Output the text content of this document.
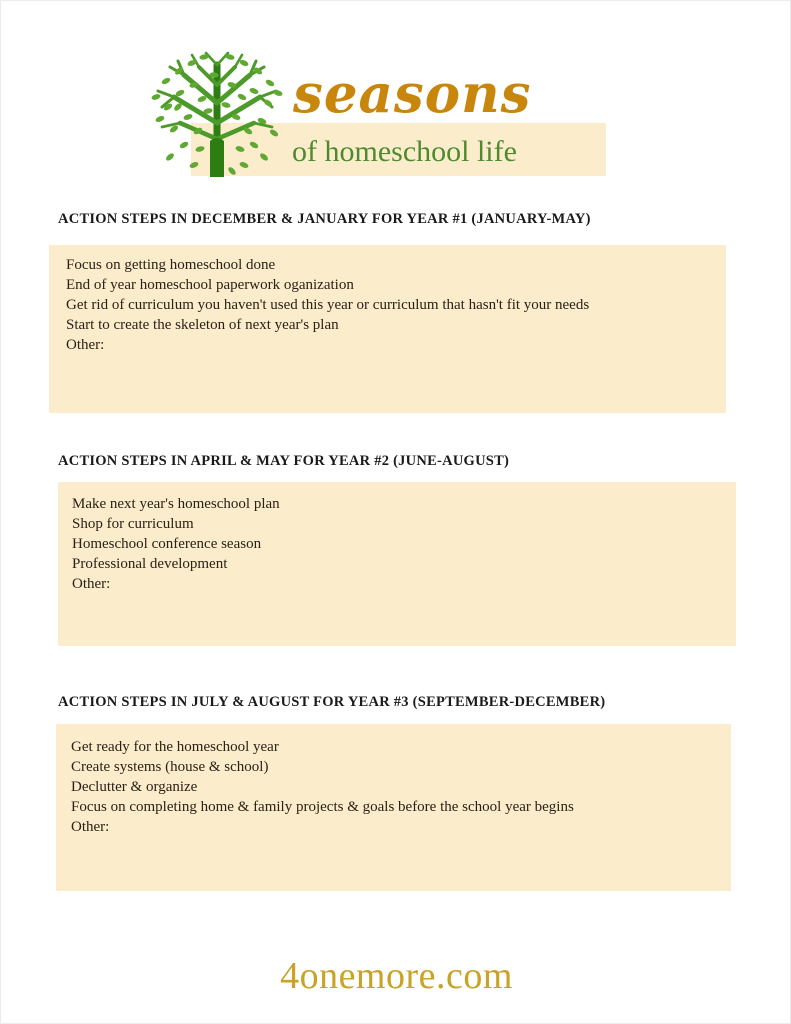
seasons
of homeschool life
ACTION STEPS IN DECEMBER & JANUARY FOR YEAR #1 (JANUARY-MAY)
Focus on getting homeschool done
End of year homeschool paperwork oganization
Get rid of curriculum you haven't used this year or curriculum that hasn't fit your needs
Start to create the skeleton of next year's plan
Other:
ACTION STEPS IN APRIL & MAY FOR YEAR #2 (JUNE-AUGUST)
Make next year's homeschool plan
Shop for curriculum
Homeschool conference season
Professional development
Other:
ACTION STEPS IN JULY & AUGUST FOR YEAR #3 (SEPTEMBER-DECEMBER)
Get ready for the homeschool year
Create systems (house & school)
Declutter & organize
Focus on completing home & family projects & goals before the school year begins
Other:
4onemore.com
